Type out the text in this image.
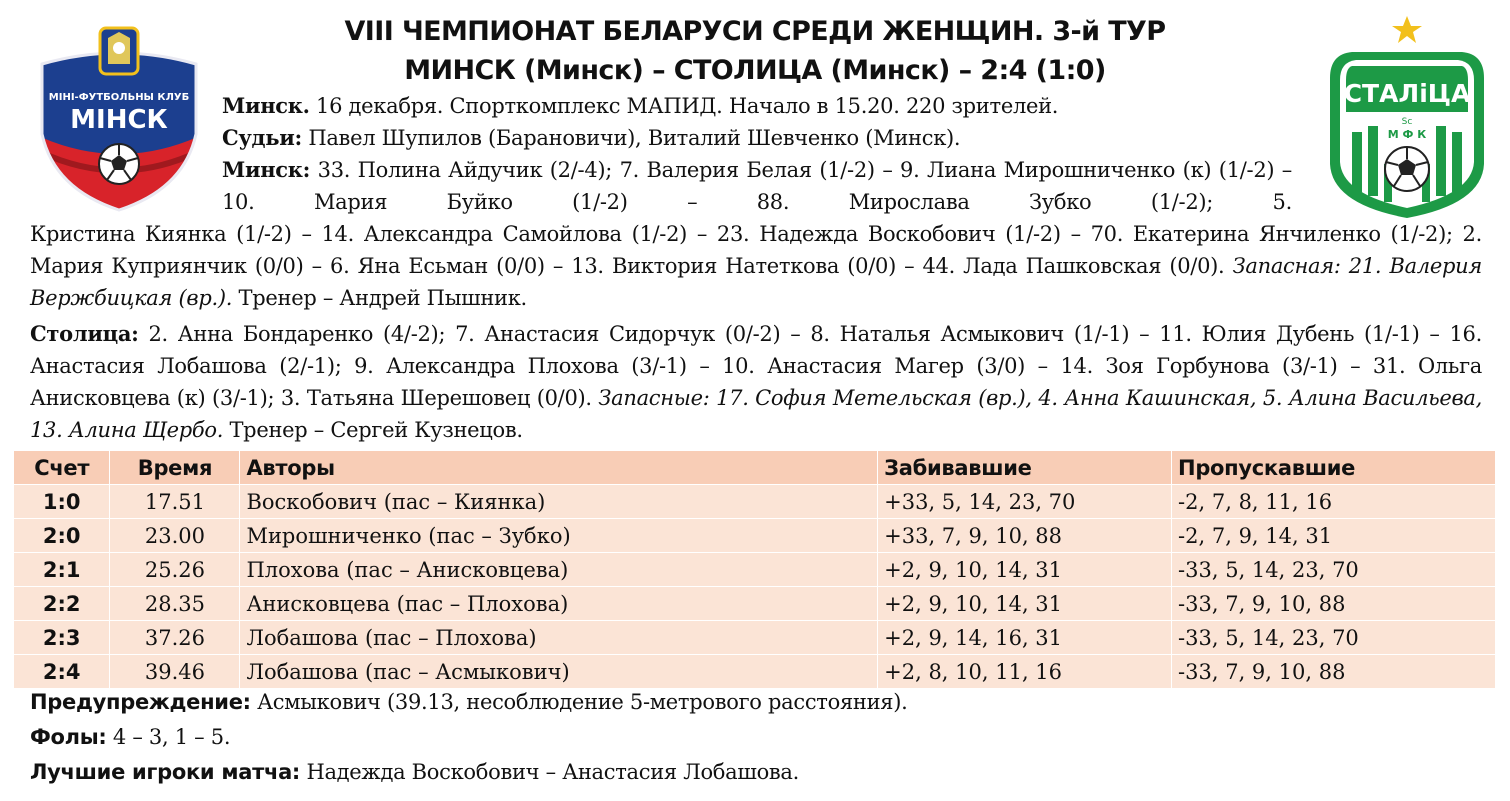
МІНІ-ФУТБОЛЬНЫ КЛУБ
МІНСК
СТАЛіЦА
Sc
М Ф К
VIII ЧЕМПИОНАТ БЕЛАРУСИ СРЕДИ ЖЕНЩИН. 3-й ТУР
МИНСК (Минск) – СТОЛИЦА (Минск) – 2:4 (1:0)
Минск. 16 декабря. Спорткомплекс МАПИД. Начало в 15.20. 220 зрителей.
Судьи: Павел Шупилов (Барановичи), Виталий Шевченко (Минск).
Минск: 33. Полина Айдучик (2/-4); 7. Валерия Белая (1/-2) – 9. Лиана Мирошниченко (к) (1/-2) – 10. Мария Буйко (1/-2) – 88. Мирослава Зубко (1/-2); 5.
Кристина Киянка (1/-2) – 14. Александра Самойлова (1/-2) – 23. Надежда Воскобович (1/-2) – 70. Екатерина Янчиленко (1/-2); 2. Мария Куприянчик (0/0) – 6. Яна Есьман (0/0) – 13. Виктория Натеткова (0/0) – 44. Лада Пашковская (0/0). Запасная: 21. Валерия Вержбицкая (вр.). Тренер – Андрей Пышник.
Столица: 2. Анна Бондаренко (4/-2); 7. Анастасия Сидорчук (0/-2) – 8. Наталья Асмыкович (1/-1) – 11. Юлия Дубень (1/-1) – 16. Анастасия Лобашова (2/-1); 9. Александра Плохова (3/-1) – 10. Анастасия Магер (3/0) – 14. Зоя Горбунова (3/-1) – 31. Ольга Анисковцева (к) (3/-1); 3. Татьяна Шерешовец (0/0). Запасные: 17. София Метельская (вр.), 4. Анна Кашинская, 5. Алина Васильева, 13. Алина Щербо. Тренер – Сергей Кузнецов.
Счет	Время	Авторы	Забивавшие	Пропускавшие
1:0	17.51	Воскобович (пас – Киянка)	+33, 5, 14, 23, 70	-2, 7, 8, 11, 16
2:0	23.00	Мирошниченко (пас – Зубко)	+33, 7, 9, 10, 88	-2, 7, 9, 14, 31
2:1	25.26	Плохова (пас – Анисковцева)	+2, 9, 10, 14, 31	-33, 5, 14, 23, 70
2:2	28.35	Анисковцева (пас – Плохова)	+2, 9, 10, 14, 31	-33, 7, 9, 10, 88
2:3	37.26	Лобашова (пас – Плохова)	+2, 9, 14, 16, 31	-33, 5, 14, 23, 70
2:4	39.46	Лобашова (пас – Асмыкович)	+2, 8, 10, 11, 16	-33, 7, 9, 10, 88
Предупреждение: Асмыкович (39.13, несоблюдение 5-метрового расстояния).
Фолы: 4 – 3, 1 – 5.
Лучшие игроки матча: Надежда Воскобович – Анастасия Лобашова.
